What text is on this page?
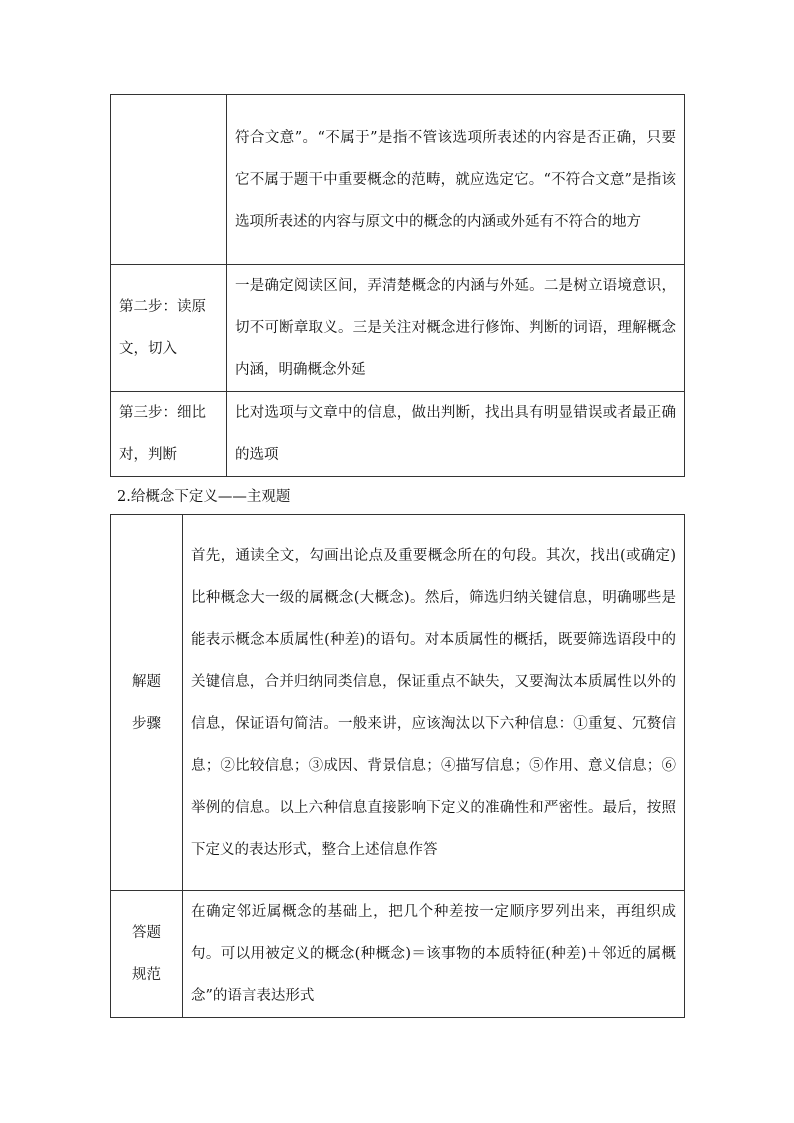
	符合文意”。“不属于”是指不管该选项所表述的内容是否正确，只要它不属于题干中重要概念的范畴，就应选定它。“不符合文意”是指该选项所表述的内容与原文中的概念的内涵或外延有不符合的地方

第二步：读原文，切入	一是确定阅读区间，弄清楚概念的内涵与外延。二是树立语境意识，切不可断章取义。三是关注对概念进行修饰、判断的词语，理解概念内涵，明确概念外延

第三步：细比对，判断	比对选项与文章中的信息，做出判断，找出具有明显错误或者最正确的选项
2.给概念下定义——主观题
解题
步骤	首先，通读全文，勾画出论点及重要概念所在的句段。其次，找出(或确定)比种概念大一级的属概念(大概念)。然后，筛选归纳关键信息，明确哪些是能表示概念本质属性(种差)的语句。对本质属性的概括，既要筛选语段中的关键信息，合并归纳同类信息，保证重点不缺失，又要淘汰本质属性以外的信息，保证语句简洁。一般来讲，应该淘汰以下六种信息：①重复、冗赘信息；②比较信息；③成因、背景信息；④描写信息；⑤作用、意义信息；⑥举例的信息。以上六种信息直接影响下定义的准确性和严密性。最后，按照下定义的表达形式，整合上述信息作答

答题
规范	在确定邻近属概念的基础上，把几个种差按一定顺序罗列出来，再组织成句。可以用被定义的概念(种概念)＝该事物的本质特征(种差)＋邻近的属概念”的语言表达形式
